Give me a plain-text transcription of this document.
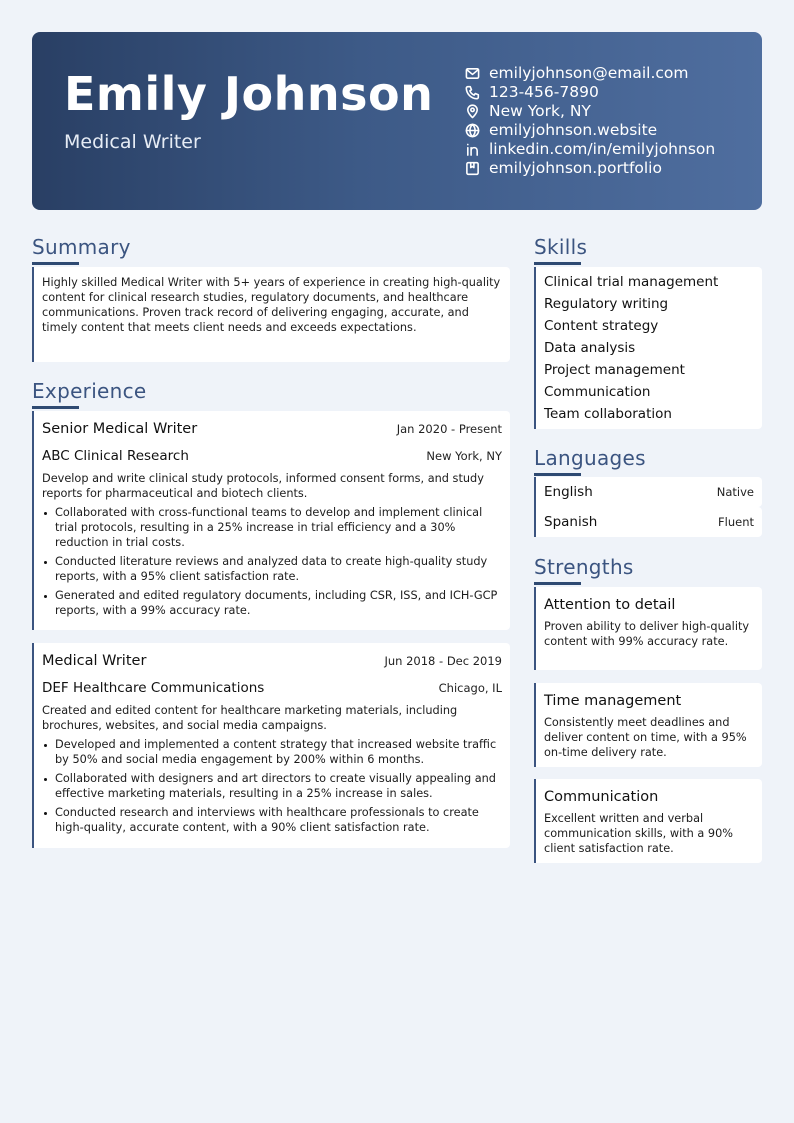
Emily Johnson
Medical Writer
emilyjohnson@email.com
123-456-7890
New York, NY
emilyjohnson.website
linkedin.com/in/emilyjohnson
emilyjohnson.portfolio
Summary

Highly skilled Medical Writer with 5+ years of experience in creating high-quality content for clinical research studies, regulatory documents, and healthcare communications. Proven track record of delivering engaging, accurate, and timely content that meets client needs and exceeds expectations.

Experience
Senior Medical Writer	Jan 2020 - Present
ABC Clinical Research	New York, NY

Develop and write clinical study protocols, informed consent forms, and study reports for pharmaceutical and biotech clients.

Collaborated with cross-functional teams to develop and implement clinical trial protocols, resulting in a 25% increase in trial efficiency and a 30% reduction in trial costs.
Conducted literature reviews and analyzed data to create high-quality study reports, with a 95% client satisfaction rate.
Generated and edited regulatory documents, including CSR, ISS, and ICH-GCP reports, with a 99% accuracy rate.
Medical Writer	Jun 2018 - Dec 2019
DEF Healthcare Communications	Chicago, IL

Created and edited content for healthcare marketing materials, including brochures, websites, and social media campaigns.

Developed and implemented a content strategy that increased website traffic by 50% and social media engagement by 200% within 6 months.
Collaborated with designers and art directors to create visually appealing and effective marketing materials, resulting in a 25% increase in sales.
Conducted research and interviews with healthcare professionals to create high-quality, accurate content, with a 90% client satisfaction rate.
Skills
Clinical trial management
Regulatory writing
Content strategy
Data analysis
Project management
Communication
Team collaboration
Languages
English	Native
Spanish	Fluent
Strengths
Attention to detail
Proven ability to deliver high-quality content with 99% accuracy rate.
Time management
Consistently meet deadlines and deliver content on time, with a 95% on-time delivery rate.
Communication
Excellent written and verbal communication skills, with a 90% client satisfaction rate.
